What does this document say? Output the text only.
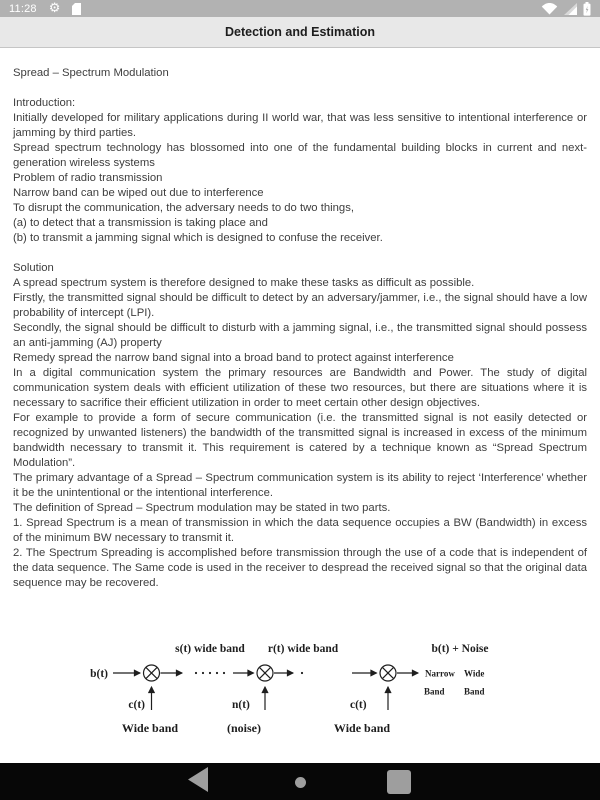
11:28 ⚙
Detection and Estimation
Spread – Spectrum Modulation
Introduction:
Initially developed for military applications during II world war, that was less sensitive to intentional interference or jamming by third parties.
Spread spectrum technology has blossomed into one of the fundamental building blocks in current and next-generation wireless systems
Problem of radio transmission
Narrow band can be wiped out due to interference
To disrupt the communication, the adversary needs to do two things,
(a) to detect that a transmission is taking place and
(b) to transmit a jamming signal which is designed to confuse the receiver.
Solution
A spread spectrum system is therefore designed to make these tasks as difficult as possible.
Firstly, the transmitted signal should be difficult to detect by an adversary/jammer, i.e., the signal should have a low probability of intercept (LPI).
Secondly, the signal should be difficult to disturb with a jamming signal, i.e., the transmitted signal should possess an anti-jamming (AJ) property
Remedy spread the narrow band signal into a broad band to protect against interference
In a digital communication system the primary resources are Bandwidth and Power. The study of digital communication system deals with efficient utilization of these two resources, but there are situations where it is necessary to sacrifice their efficient utilization in order to meet certain other design objectives.
For example to provide a form of secure communication (i.e. the transmitted signal is not easily detected or recognized by unwanted listeners) the bandwidth of the transmitted signal is increased in excess of the minimum bandwidth necessary to transmit it. This requirement is catered by a technique known as “Spread Spectrum Modulation”.
The primary advantage of a Spread – Spectrum communication system is its ability to reject ‘Interference’ whether it be the unintentional or the intentional interference.
The definition of Spread – Spectrum modulation may be stated in two parts.
1. Spread Spectrum is a mean of transmission in which the data sequence occupies a BW (Bandwidth) in excess of the minimum BW necessary to transmit it.
2. The Spectrum Spreading is accomplished before transmission through the use of a code that is independent of the data sequence. The Same code is used in the receiver to despread the received signal so that the original data sequence may be recovered.
s(t) wide band r(t) wide band	b(t) + Noise
b(t)	Narrow Wide
Band Band
c(t)	n(t)	c(t)
Wide band	(noise)	Wide band
